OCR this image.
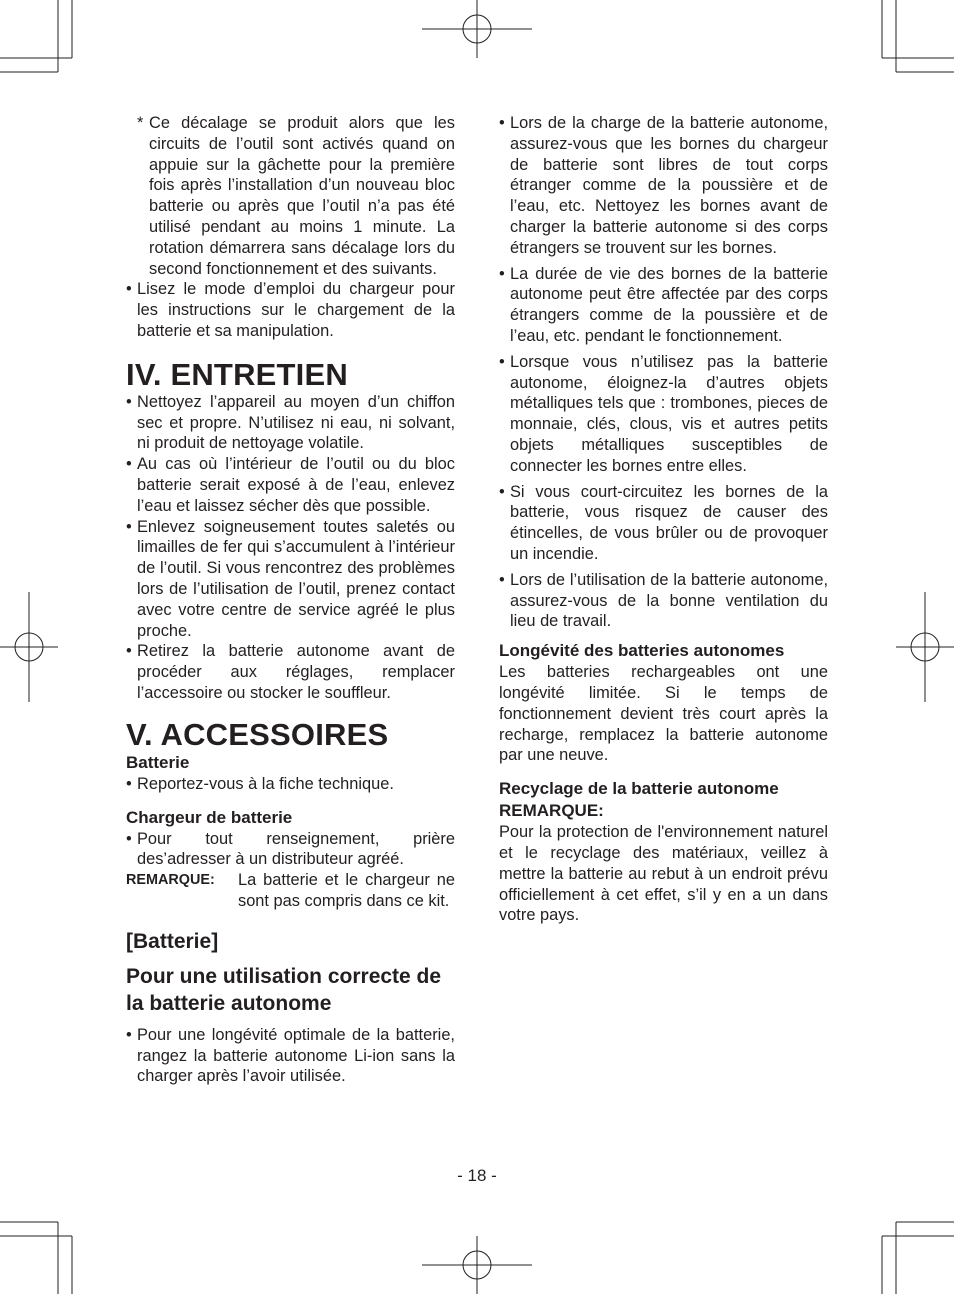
* Ce décalage se produit alors que les circuits de l’outil sont activés quand on appuie sur la gâchette pour la première fois après l’installation d’un nouveau bloc batterie ou après que l’outil n’a pas été utilisé pendant au moins 1 minute. La rotation démarrera sans décalage lors du second fonctionnement et des suivants.

• Lisez le mode d’emploi du chargeur pour les instructions sur le chargement de la batterie et sa manipulation.

IV. ENTRETIEN

• Nettoyez l’appareil au moyen d’un chiffon sec et propre. N’utilisez ni eau, ni solvant, ni produit de nettoyage volatile.

• Au cas où l’intérieur de l’outil ou du bloc batterie serait exposé à de l’eau, enlevez l’eau et laissez sécher dès que possible.

• Enlevez soigneusement toutes saletés ou limailles de fer qui s’accumulent à l’intérieur de l’outil. Si vous rencontrez des problèmes lors de l’utilisation de l’outil, prenez contact avec votre centre de service agréé le plus proche.

• Retirez la batterie autonome avant de procéder aux réglages, remplacer l’accessoire ou stocker le souffleur.

V. ACCESSOIRES
Batterie

• Reportez-vous à la fiche technique.

Chargeur de batterie

• Pour tout renseignement, prière des’adresser à un distributeur agréé.

REMARQUE:	La batterie et le chargeur ne sont pas compris dans ce kit.
[Batterie]
Pour une utilisation correcte de la batterie autonome

• Pour une longévité optimale de la batterie, rangez la batterie autonome Li-ion sans la charger après l’avoir utilisée.

• Lors de la charge de la batterie autonome, assurez-vous que les bornes du chargeur de batterie sont libres de tout corps étranger comme de la poussière et de l’eau, etc. Nettoyez les bornes avant de charger la batterie autonome si des corps étrangers se trouvent sur les bornes.

• La durée de vie des bornes de la batterie autonome peut être affectée par des corps étrangers comme de la poussière et de l’eau, etc. pendant le fonctionnement.

• Lorsque vous n’utilisez pas la batterie autonome, éloignez-la d’autres objets métalliques tels que : trombones, pieces de monnaie, clés, clous, vis et autres petits objets métalliques susceptibles de connecter les bornes entre elles.

• Si vous court-circuitez les bornes de la batterie, vous risquez de causer des étincelles, de vous brûler ou de provoquer un incendie.

• Lors de l’utilisation de la batterie autonome, assurez-vous de la bonne ventilation du lieu de travail.

Longévité des batteries autonomes

Les batteries rechargeables ont une longévité limitée. Si le temps de fonctionnement devient très court après la recharge, remplacez la batterie autonome par une neuve.

Recyclage de la batterie autonome
REMARQUE:

Pour la protection de l'environnement naturel et le recyclage des matériaux, veillez à mettre la batterie au rebut à un endroit prévu officiellement à cet effet, s’il y en a un dans votre pays.

- 18 -
